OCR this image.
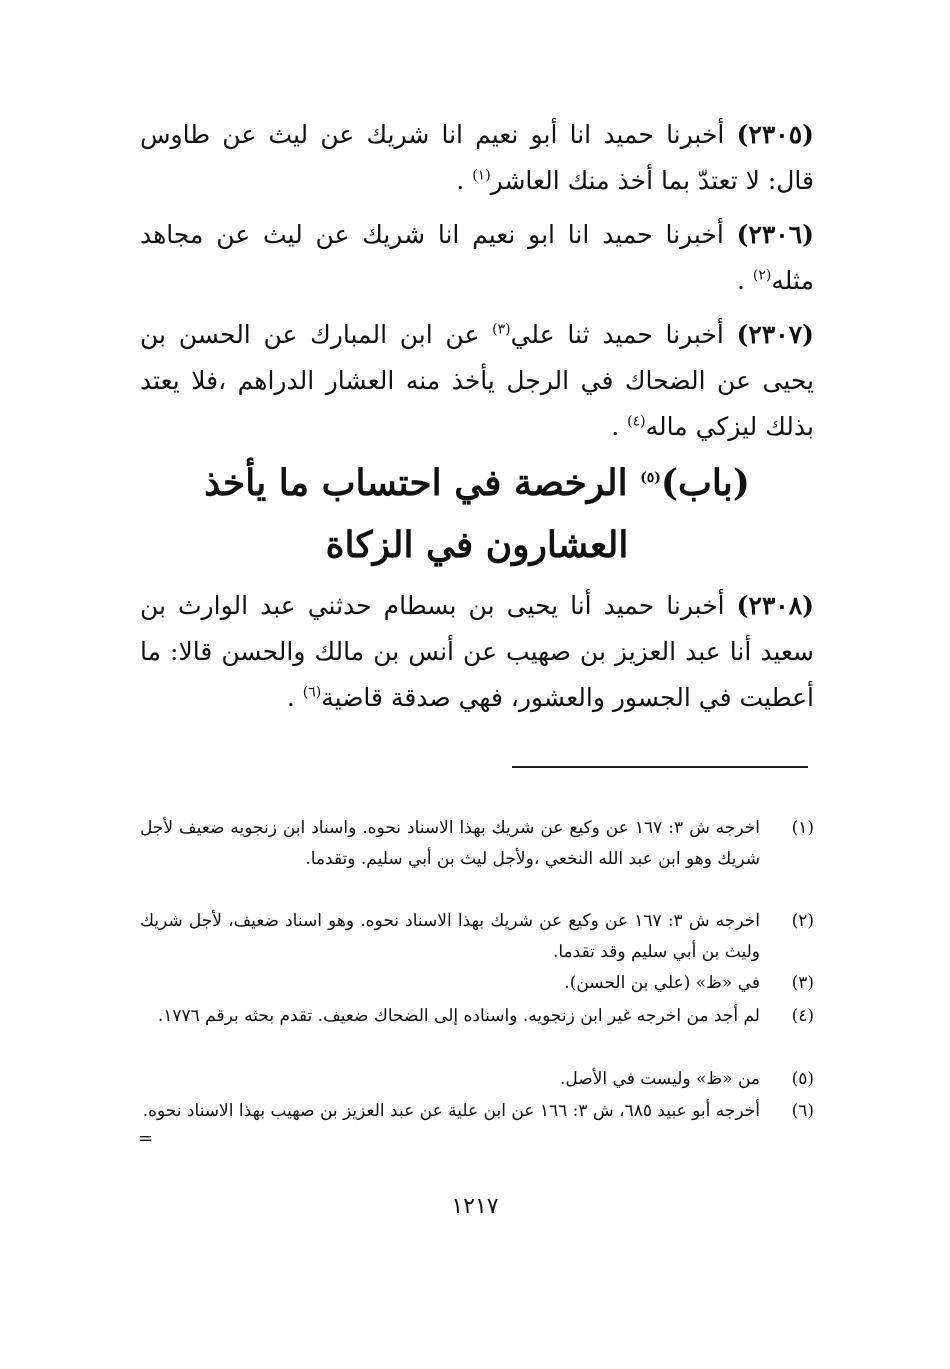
(٢٣٠٥) أخبرنا حميد انا أبو نعيم انا شريك عن ليث عن طاوس قال: لا تعتدّ بما أخذ منك العاشر$^{(١)}$ .

(٢٣٠٦) أخبرنا حميد انا ابو نعيم انا شريك عن ليث عن مجاهد مثله$^{(٢)}$ .

(٢٣٠٧) أخبرنا حميد ثنا علي$^{(٣)}$ عن ابن المبارك عن الحسن بن يحيى عن الضحاك في الرجل يأخذ منه العشار الدراهم ،فلا يعتد بذلك ليزكي ماله$^{(٤)}$ .

(باب)$^{(٥)}$ الرخصة في احتساب ما يأخذ
العشارون في الزكاة

(٢٣٠٨) أخبرنا حميد أنا يحيى بن بسطام حدثني عبد الوارث بن سعيد أنا عبد العزيز بن صهيب عن أنس بن مالك والحسن قالا: ما أعطيت في الجسور والعشور، فهي صدقة قاضية$^{(٦)}$ .

(١)
اخرجه ش ٣: ١٦٧ عن وكيع عن شريك بهذا الاسناد نحوه. واسناد ابن زنجويه ضعيف لأجل شريك وهو ابن عبد الله النخعي ،ولأجل ليث بن أبي سليم. وتقدما.
(٢)
اخرجه ش ٣: ١٦٧ عن وكيع عن شريك بهذا الاسناد نحوه. وهو اسناد ضعيف، لأجل شريك وليث بن أبي سليم وقد تقدما.
(٣)
في «ظ» (علي بن الحسن).
(٤)
لم أجد من اخرجه غير ابن زنجويه. واسناده إلى الضحاك ضعيف. تقدم بحثه برقم ١٧٧٦.
(٥)
من «ظ» وليست في الأصل.
(٦)
أخرجه أبو عبيد ٦٨٥، ش ٣: ١٦٦ عن ابن علية عن عبد العزيز بن صهيب بهذا الاسناد نحوه.
=
١٢١٧
